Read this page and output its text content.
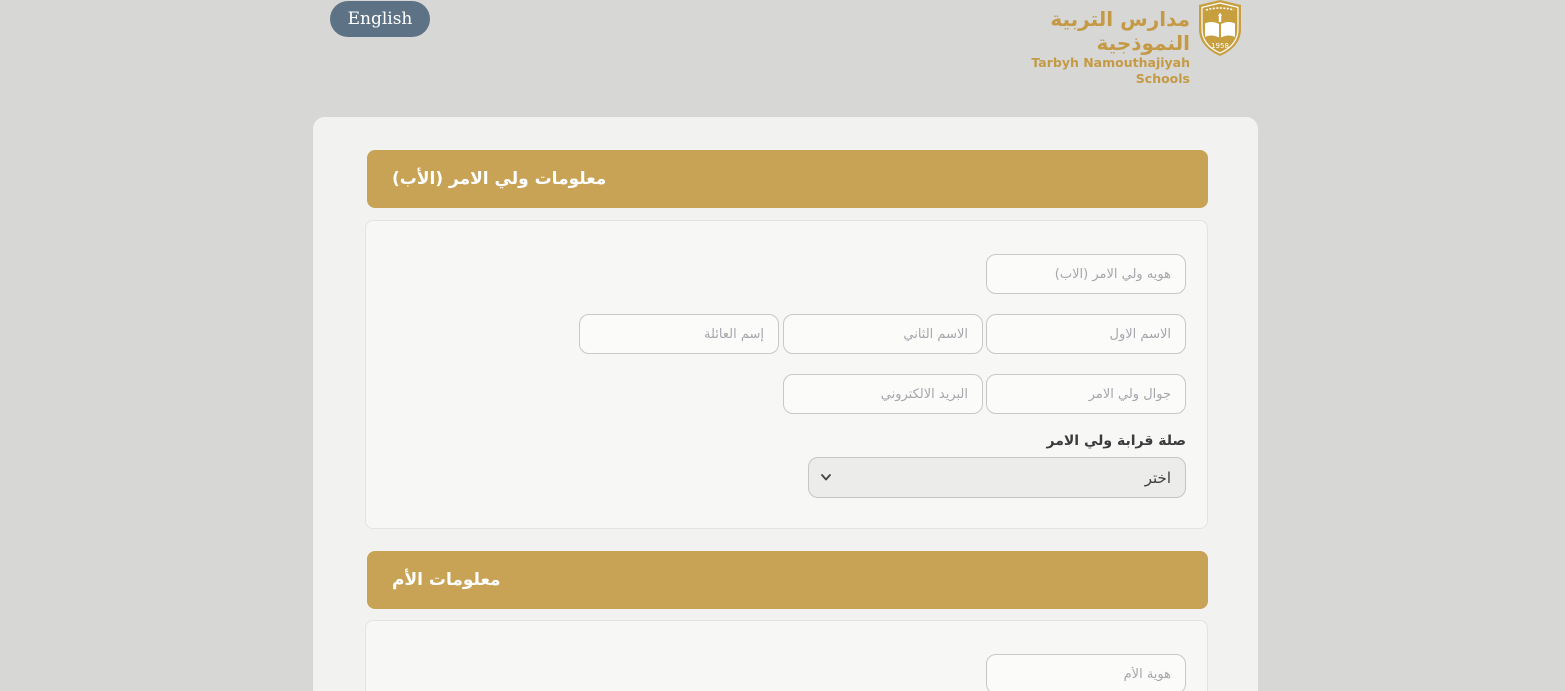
English	مدارس التربية النموذجية
Tarbyh Namouthajiyah Schools
1958
معلومات ولي الامر (الأب)
هويه ولي الامر (الاب)
الاسم الاول
الاسم الثاني
إسم العائلة
جوال ولي الامر
البريد الالكتروني
صلة قرابة ولي الامر
اختر
معلومات الأم
هوية الأم
